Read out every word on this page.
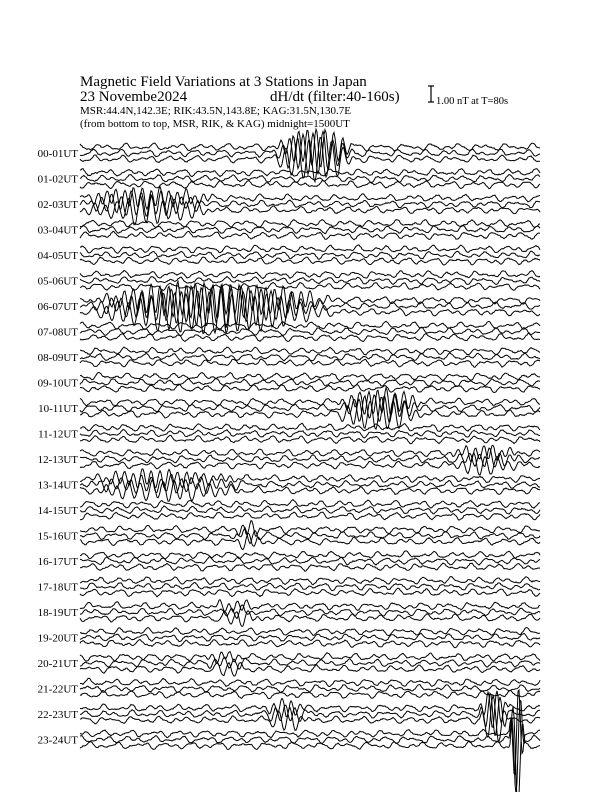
Magnetic Field Variations at 3 Stations in Japan
23 Novembe2024	dH/dt (filter:40-160s)
MSR:44.4N,142.3E; RIK:43.5N,143.8E; KAG:31.5N,130.7E
(from bottom to top, MSR, RIK, & KAG) midnight=1500UT
1.00 nT at T=80s
00-01UT
01-02UT
02-03UT
03-04UT
04-05UT
05-06UT
06-07UT
07-08UT
08-09UT
09-10UT
10-11UT
11-12UT
12-13UT
13-14UT
14-15UT
15-16UT
16-17UT
17-18UT
18-19UT
19-20UT
20-21UT
21-22UT
22-23UT
23-24UT
